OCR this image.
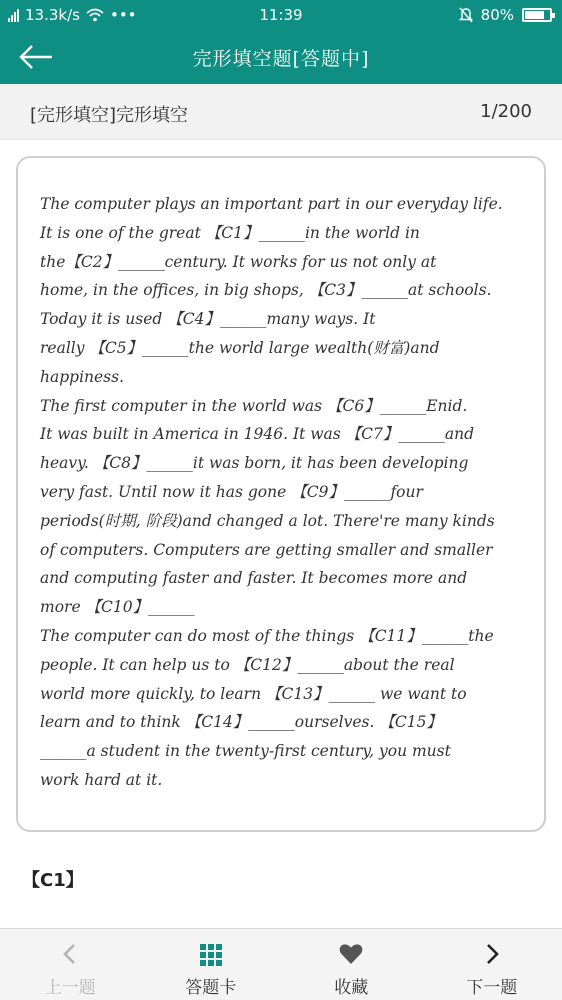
13.3k/s •••	11:39	80%
完形填空题[答题中]
[完形填空]完形填空	1/200
The computer plays an important part in our everyday life.
It is one of the great 【C1】______in the world in
the【C2】______century. It works for us not only at
home, in the offices, in big shops, 【C3】______at schools.
Today it is used 【C4】______many ways. It
really 【C5】______the world large wealth(财富)and
happiness.
The first computer in the world was 【C6】______Enid.
It was built in America in 1946. It was 【C7】______and
heavy. 【C8】______it was born, it has been developing
very fast. Until now it has gone 【C9】______four
periods(时期, 阶段)and changed a lot. There're many kinds
of computers. Computers are getting smaller and smaller
and computing faster and faster. It becomes more and
more 【C10】______
The computer can do most of the things 【C11】______the
people. It can help us to 【C12】______about the real
world more quickly, to learn 【C13】______ we want to
learn and to think 【C14】______ourselves. 【C15】
______a student in the twenty-first century, you must
work hard at it.
【C1】
上一题	答题卡	收藏	下一题
